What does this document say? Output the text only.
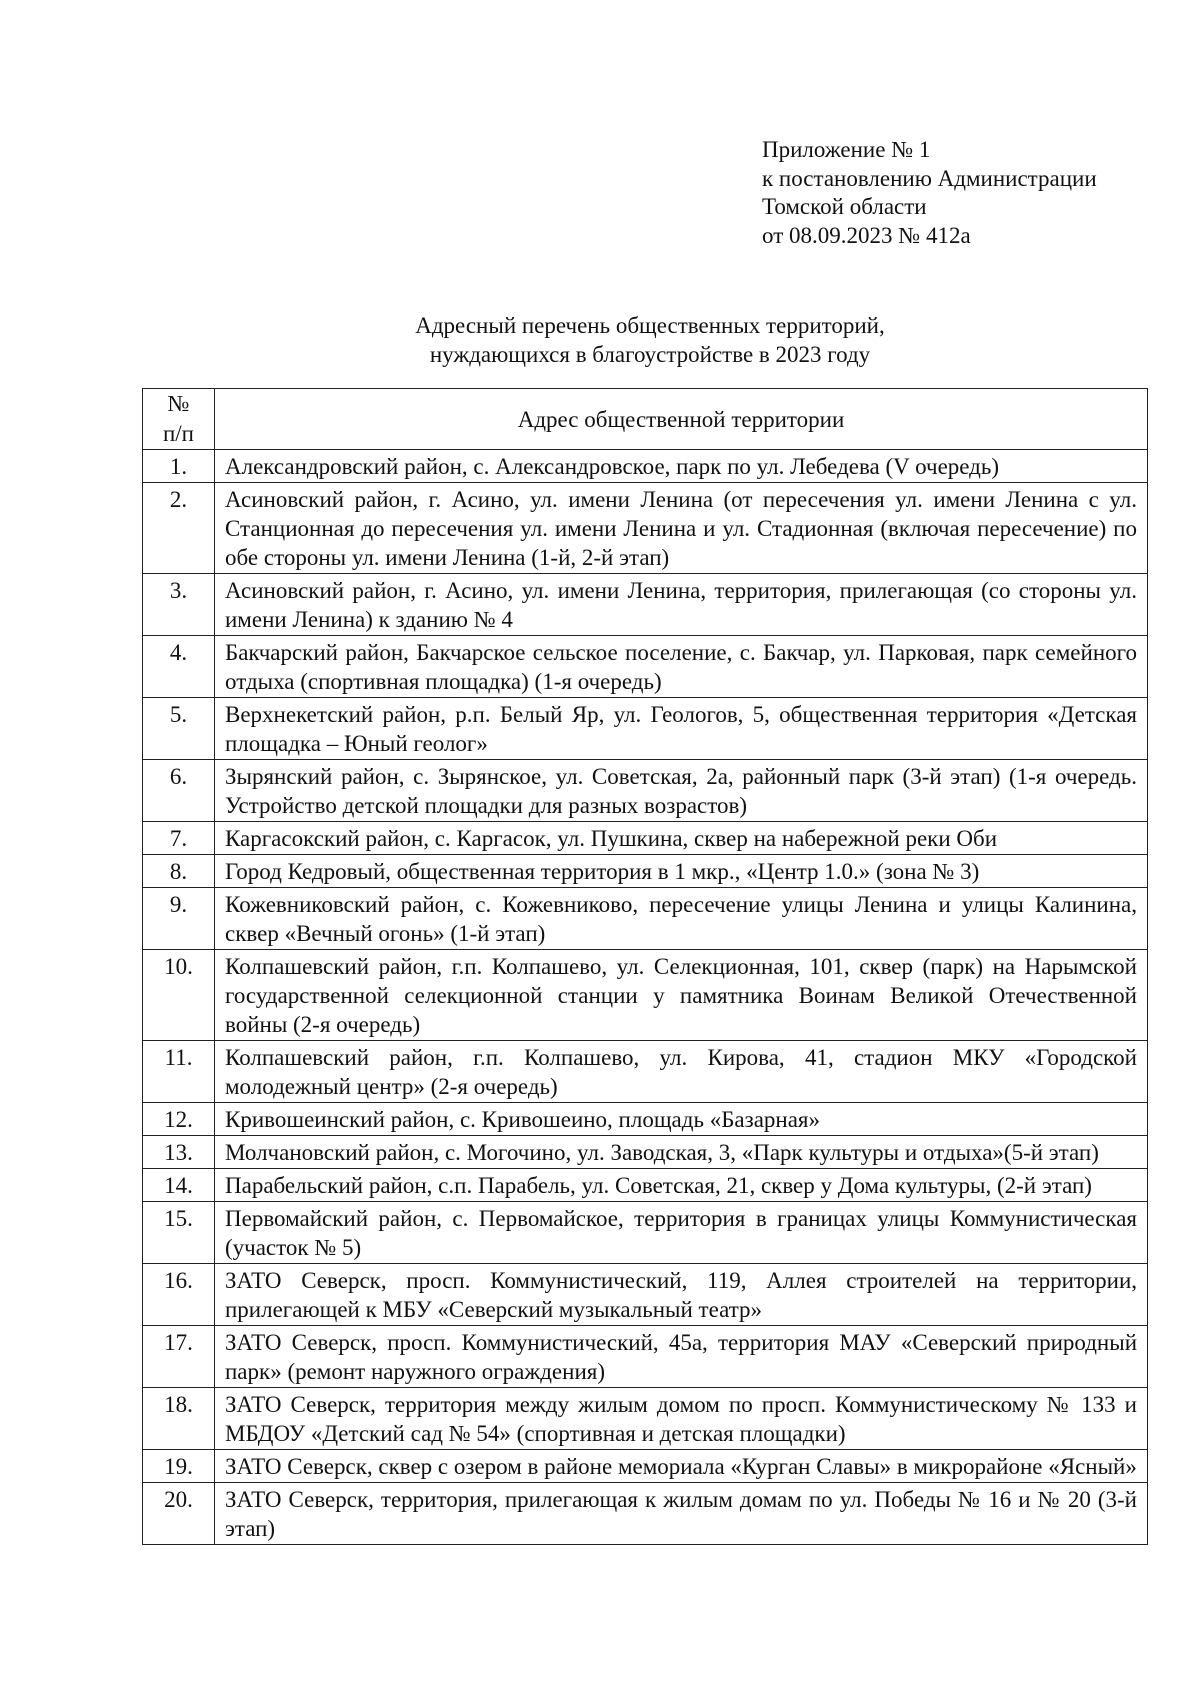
Приложение № 1
к постановлению Администрации
Томской области
от 08.09.2023 № 412а
Адресный перечень общественных территорий,
нуждающихся в благоустройстве в 2023 году
№
п/п	Адрес общественной территории
1.	Александровский район, с. Александровское, парк по ул. Лебедева (V очередь)
2.	Асиновский район, г. Асино, ул. имени Ленина (от пересечения ул. имени Ленина с ул. Станционная до пересечения ул. имени Ленина и ул. Стадионная (включая пересечение) по обе стороны ул. имени Ленина (1-й, 2-й этап)
3.	Асиновский район, г. Асино, ул. имени Ленина, территория, прилегающая (со стороны ул. имени Ленина) к зданию № 4
4.	Бакчарский район, Бакчарское сельское поселение, с. Бакчар, ул. Парковая, парк семейного отдыха (спортивная площадка) (1-я очередь)
5.	Верхнекетский район, р.п. Белый Яр, ул. Геологов, 5, общественная территория «Детская площадка – Юный геолог»
6.	Зырянский район, с. Зырянское, ул. Советская, 2а, районный парк (3-й этап) (1-я очередь. Устройство детской площадки для разных возрастов)
7.	Каргасокский район, с. Каргасок, ул. Пушкина, сквер на набережной реки Оби
8.	Город Кедровый, общественная территория в 1 мкр., «Центр 1.0.» (зона № 3)
9.	Кожевниковский район, с. Кожевниково, пересечение улицы Ленина и улицы Калинина, сквер «Вечный огонь» (1-й этап)
10.	Колпашевский район, г.п. Колпашево, ул. Селекционная, 101, сквер (парк) на Нарымской государственной селекционной станции у памятника Воинам Великой Отечественной войны (2-я очередь)
11.	Колпашевский район, г.п. Колпашево, ул. Кирова, 41, стадион МКУ «Городской молодежный центр» (2-я очередь)
12.	Кривошеинский район, с. Кривошеино, площадь «Базарная»
13.	Молчановский район, с. Могочино, ул. Заводская, 3, «Парк культуры и отдыха»(5-й этап)
14.	Парабельский район, с.п. Парабель, ул. Советская, 21, сквер у Дома культуры, (2-й этап)
15.	Первомайский район, с. Первомайское, территория в границах улицы Коммунистическая (участок № 5)
16.	ЗАТО Северск, просп. Коммунистический, 119, Аллея строителей на территории, прилегающей к МБУ «Северский музыкальный театр»
17.	ЗАТО Северск, просп. Коммунистический, 45а, территория МАУ «Северский природный парк» (ремонт наружного ограждения)
18.	ЗАТО Северск, территория между жилым домом по просп. Коммунистическому № 133 и МБДОУ «Детский сад № 54» (спортивная и детская площадки)
19.	ЗАТО Северск, сквер с озером в районе мемориала «Курган Славы» в микрорайоне «Ясный»
20.	ЗАТО Северск, территория, прилегающая к жилым домам по ул. Победы № 16 и № 20 (3-й этап)
